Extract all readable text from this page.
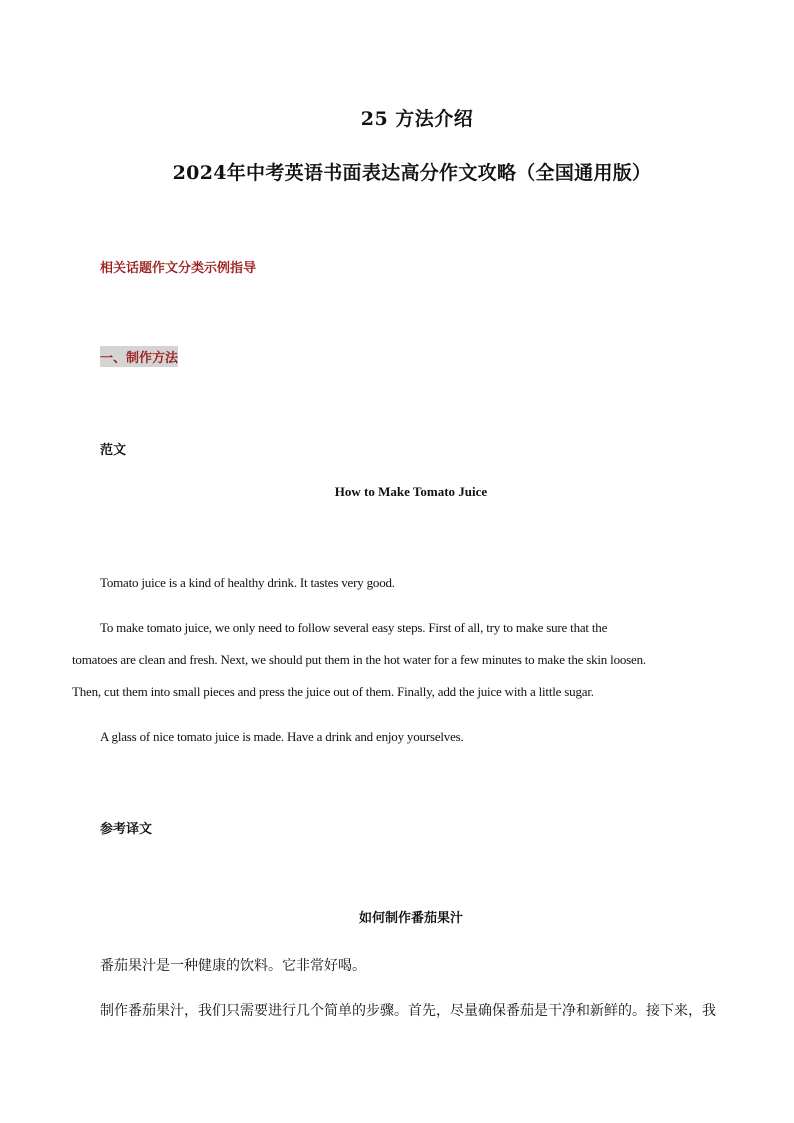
25 方法介绍
2024年中考英语书面表达高分作文攻略（全国通用版）
相关话题作文分类示例指导
一、制作方法
范文
How to Make Tomato Juice
Tomato juice is a kind of healthy drink. It tastes very good.
To make tomato juice, we only need to follow several easy steps. First of all, try to make sure that the
tomatoes are clean and fresh. Next, we should put them in the hot water for a few minutes to make the skin loosen.
Then, cut them into small pieces and press the juice out of them. Finally, add the juice with a little sugar.
A glass of nice tomato juice is made. Have a drink and enjoy yourselves.
参考译文
如何制作番茄果汁
番茄果汁是一种健康的饮料。它非常好喝。
制作番茄果汁，我们只需要进行几个简单的步骤。首先，尽量确保番茄是干净和新鲜的。接下来，我
